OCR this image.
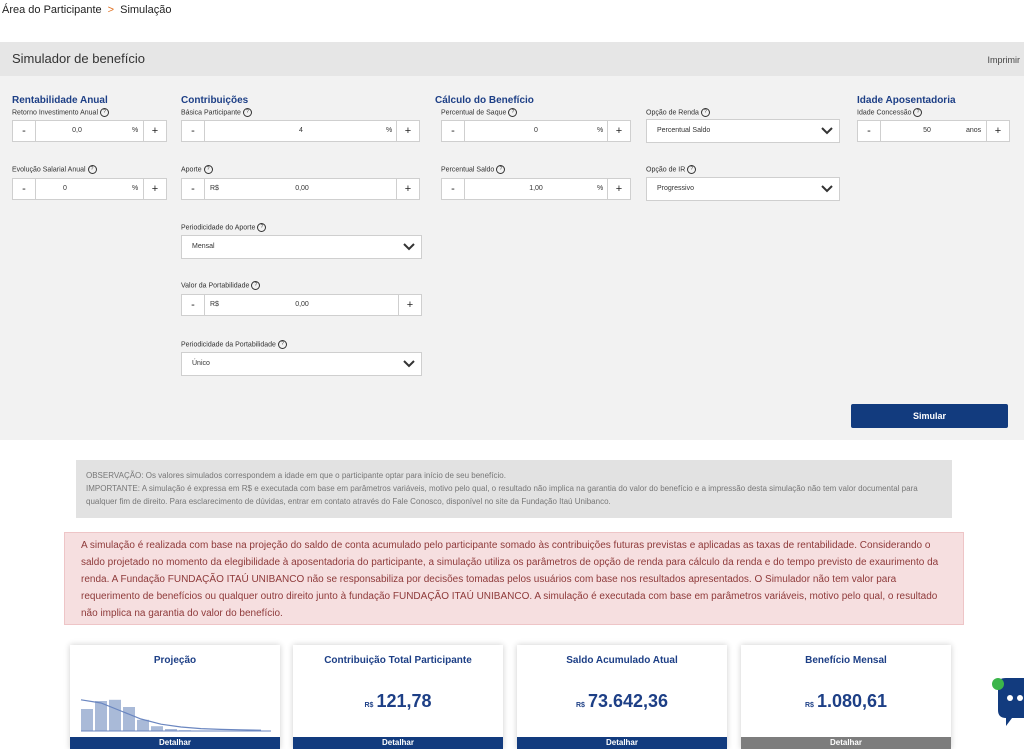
Área do Participante > Simulação
Simulador de benefício	Imprimir
Rentabilidade Anual
Retorno Investimento Anual ?
-	0,0	%	+
Evolução Salarial Anual ?
-	0	%	+
Contribuições
Básica Participante ?
-	4	%	+
Aporte ?
-	R$	0,00	+
Periodicidade do Aporte ?
Mensal
Valor da Portabilidade ?
-	R$	0,00	+
Periodicidade da Portabilidade ?
Único
Cálculo do Benefício
Percentual de Saque ?
-	0	%	+
Percentual Saldo ?
-	1,00	%	+
Opção de Renda ?
Percentual Saldo
Opção de IR ?
Progressivo
Idade Aposentadoria
Idade Concessão ?
-	50	anos	+
Simular
OBSERVAÇÃO: Os valores simulados correspondem a idade em que o participante optar para início de seu benefício.
IMPORTANTE: A simulação é expressa em R$ e executada com base em parâmetros variáveis, motivo pelo qual, o resultado não implica na garantia do valor do benefício e a impressão desta simulação não tem valor documental para qualquer fim de direito. Para esclarecimento de dúvidas, entrar em contato através do Fale Conosco, disponível no site da Fundação Itaú Unibanco.
A simulação é realizada com base na projeção do saldo de conta acumulado pelo participante somado às contribuições futuras previstas e aplicadas as taxas de rentabilidade. Considerando o saldo projetado no momento da elegibilidade à aposentadoria do participante, a simulação utiliza os parâmetros de opção de renda para cálculo da renda e do tempo previsto de exaurimento da renda. A Fundação FUNDAÇÃO ITAÚ UNIBANCO não se responsabiliza por decisões tomadas pelos usuários com base nos resultados apresentados. O Simulador não tem valor para requerimento de benefícios ou qualquer outro direito junto à fundação FUNDAÇÃO ITAÚ UNIBANCO. A simulação é executada com base em parâmetros variáveis, motivo pelo qual, o resultado não implica na garantia do valor do benefício.
Projeção
Detalhar
Contribuição Total Participante
R$ 121,78
Detalhar
Saldo Acumulado Atual
R$ 73.642,36
Detalhar
Benefício Mensal
R$ 1.080,61
Detalhar
